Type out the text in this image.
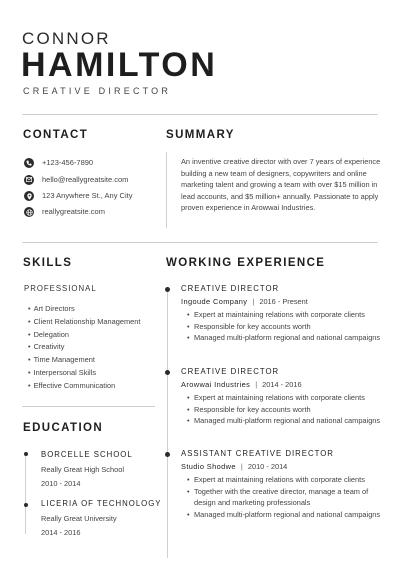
CONNOR
HAMILTON
CREATIVE DIRECTOR
CONTACT
+123-456-7890
hello@reallygreatsite.com
123 Anywhere St., Any City
reallygreatsite.com
SUMMARY
An inventive creative director with over 7 years of experience building a new team of designers, copywriters and online marketing talent and growing a team with over $15 million in lead accounts, and $5 million+ annually. Passionate to apply proven experience in Arowwai Industries.
SKILLS
PROFESSIONAL
• Art Directors
• Client Relationship Management
• Delegation
• Creativity
• Time Management
• Interpersonal Skills
• Effective Communication
EDUCATION
BORCELLE SCHOOL
Really Great High School
2010 - 2014
LICERIA OF TECHNOLOGY
Really Great University
2014 - 2016
WORKING EXPERIENCE
CREATIVE DIRECTOR
Ingoude Company | 2016 - Present
• Expert at maintaining relations with corporate clients
• Responsible for key accounts worth
• Managed multi-platform regional and national campaigns
CREATIVE DIRECTOR
Arowwai Industries | 2014 - 2016
• Expert at maintaining relations with corporate clients
• Responsible for key accounts worth
• Managed multi-platform regional and national campaigns
ASSISTANT CREATIVE DIRECTOR
Studio Shodwe | 2010 - 2014
• Expert at maintaining relations with corporate clients
• Together with the creative director, manage a team of design and marketing professionals
• Managed multi-platform regional and national campaigns
